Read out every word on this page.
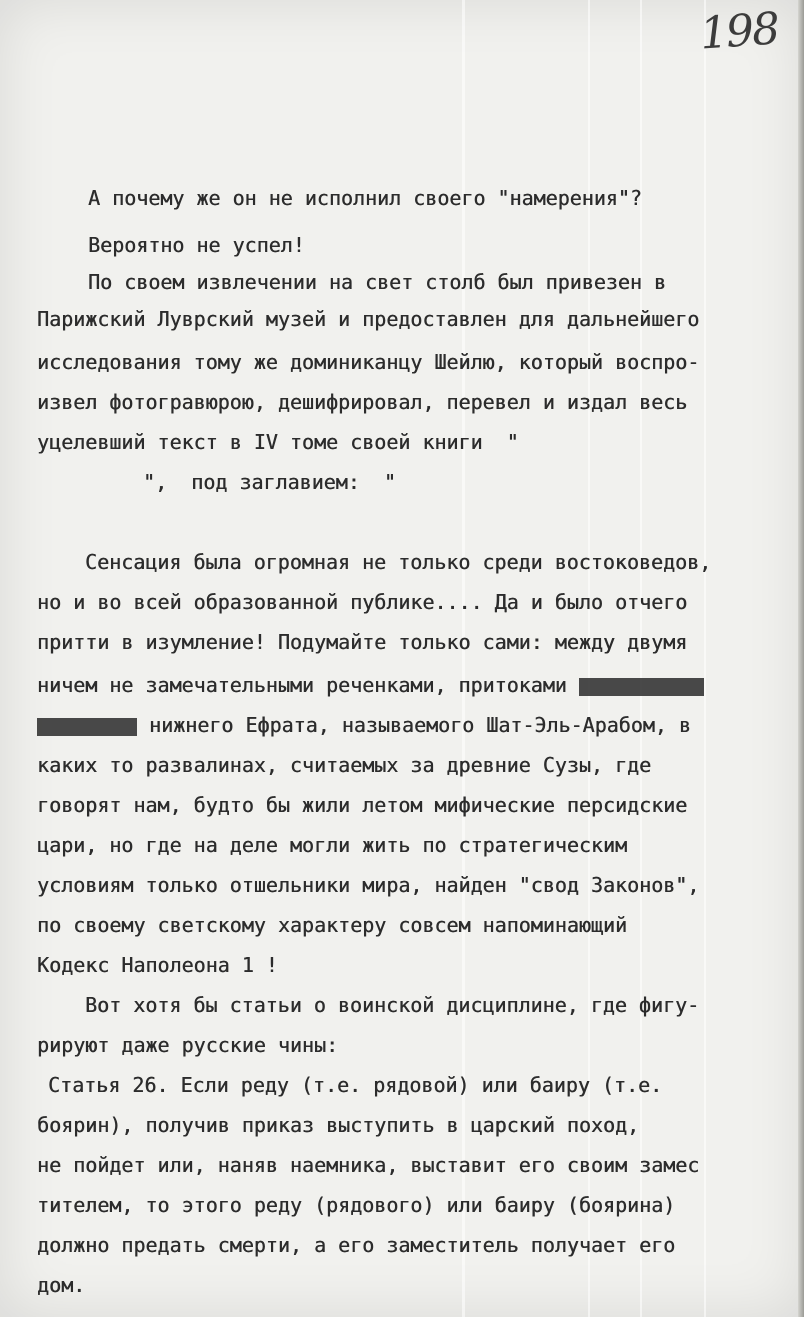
198
А почему же он не исполнил своего "намерения"?
Вероятно не успел!
По своем извлечении на свет столб был привезен в
Парижский Луврский музей и предоставлен для дальнейшего
исследования тому же доминиканцу Шейлю, который воспро-
извел фотогравюрою, дешифрировал, перевел и издал весь
уцелевший текст в IV томе своей книги  "
",  под заглавием:  "
Сенсация была огромная не только среди востоковедов,
но и во всей образованной публике.... Да и было отчего
притти в изумление! Подумайте только сами: между двумя
ничем не замечательными реченками, притоками
нижнего Ефрата, называемого Шат-Эль-Арабом, в
каких то развалинах, считаемых за древние Сузы, где
говорят нам, будто бы жили летом мифические персидские
цари, но где на деле могли жить по стратегическим
условиям только отшельники мира, найден "свод Законов",
по своему светскому характеру совсем напоминающий
Кодекс Наполеона 1 !
Вот хотя бы статьи о воинской дисциплине, где фигу-
рируют даже русские чины:
Статья 26. Если реду (т.е. рядовой) или баиру (т.е.
боярин), получив приказ выступить в царский поход,
не пойдет или, наняв наемника, выставит его своим замес
тителем, то этого реду (рядового) или баиру (боярина)
должно предать смерти, а его заместитель получает его
дом.
